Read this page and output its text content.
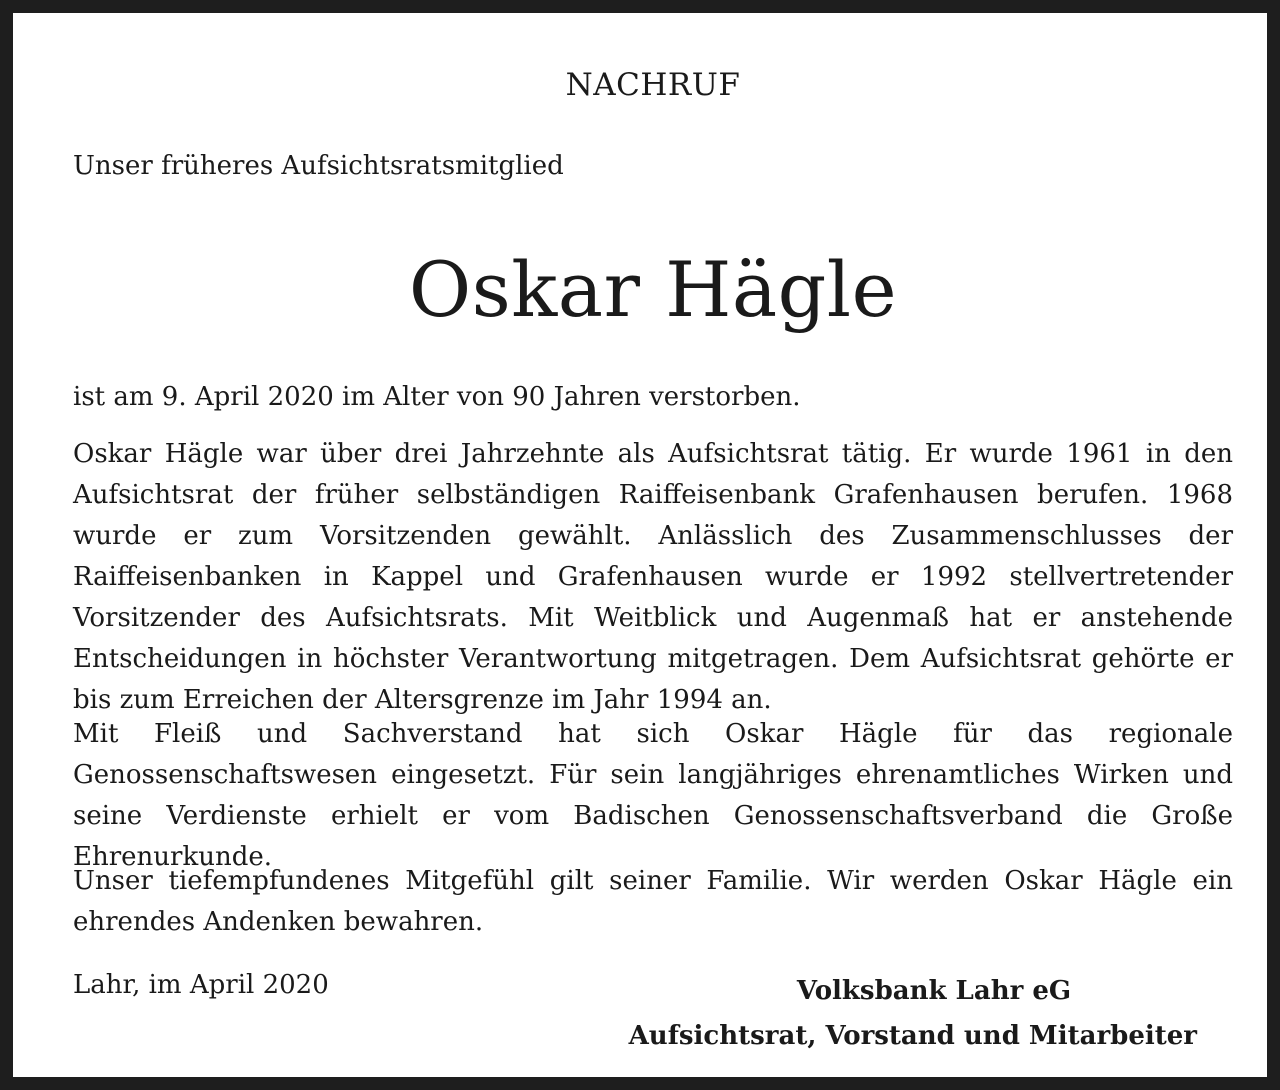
NACHRUF

Unser früheres Aufsichtsratsmitglied

Oskar Hägle

ist am 9. April 2020 im Alter von 90 Jahren verstorben.

Oskar Hägle war über drei Jahrzehnte als Aufsichtsrat tätig. Er wurde 1961 in den Aufsichtsrat der früher selbständigen Raiffeisenbank Grafenhausen berufen. 1968 wurde er zum Vorsitzenden gewählt. Anlässlich des Zusammenschlusses der Raiffeisenbanken in Kappel und Grafenhausen wurde er 1992 stellvertretender Vorsitzender des Aufsichtsrats. Mit Weitblick und Augenmaß hat er anstehende Entscheidungen in höchster Verantwortung mitgetragen. Dem Aufsichtsrat gehörte er bis zum Erreichen der Altersgrenze im Jahr 1994 an.

Mit Fleiß und Sachverstand hat sich Oskar Hägle für das regionale Genossenschaftswesen eingesetzt. Für sein langjähriges ehrenamtliches Wirken und seine Verdienste erhielt er vom Badischen Genossenschaftsverband die Große Ehrenurkunde.

Unser tiefempfundenes Mitgefühl gilt seiner Familie. Wir werden Oskar Hägle ein ehrendes Andenken bewahren.

Lahr, im April 2020	Volksbank Lahr eG
Aufsichtsrat, Vorstand und Mitarbeiter
